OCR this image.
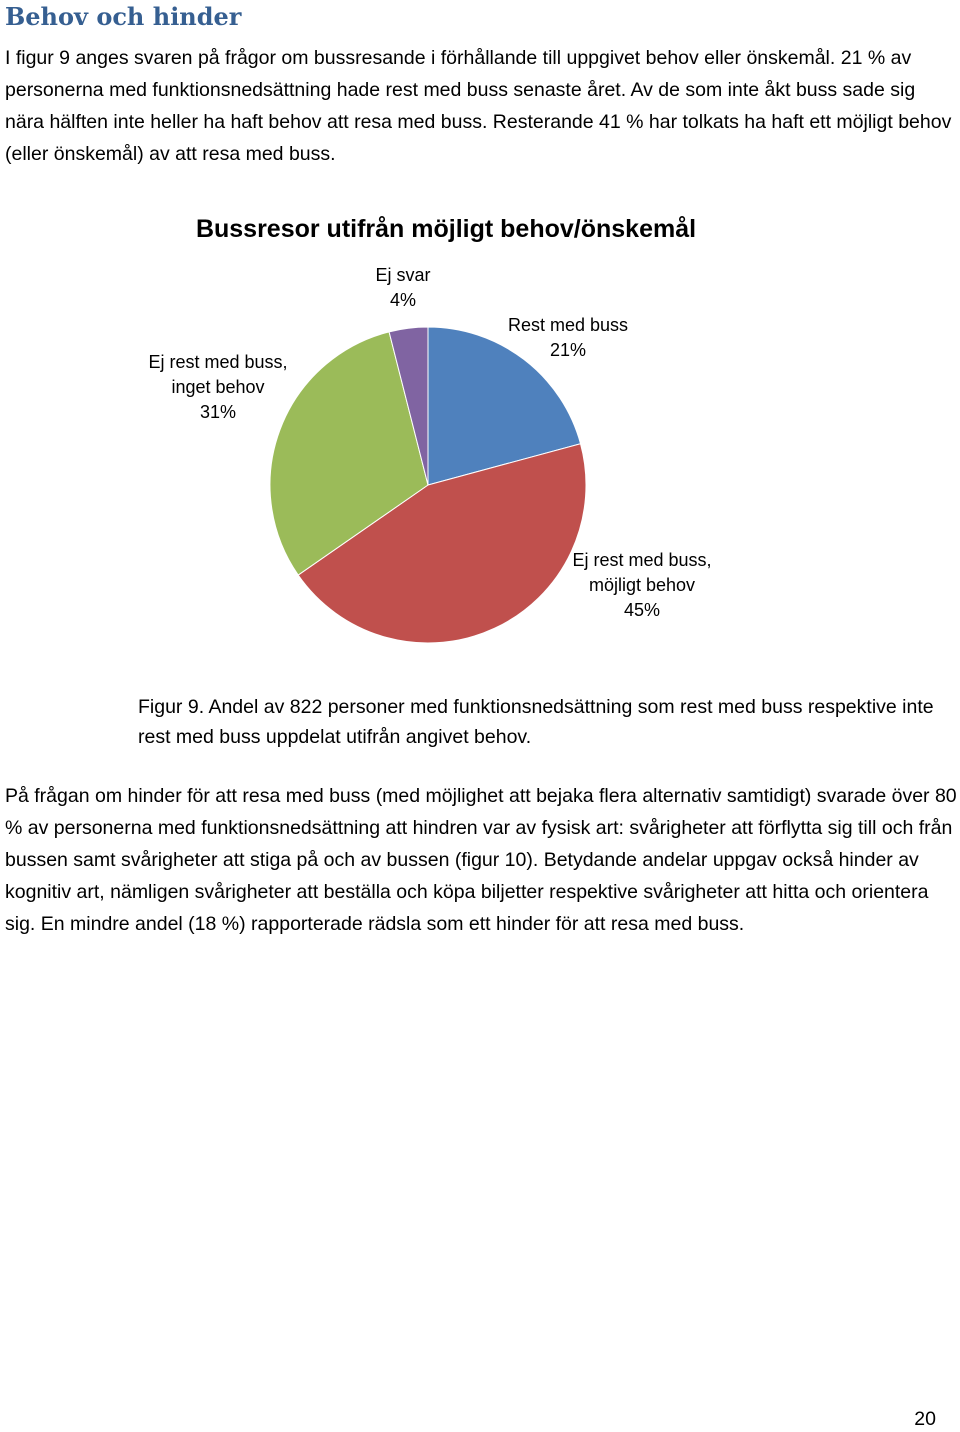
Behov och hinder

I figur 9 anges svaren på frågor om bussresande i förhållande till uppgivet behov eller önskemål. 21 % av personerna med funktionsnedsättning hade rest med buss senaste året. Av de som inte åkt buss sade sig nära hälften inte heller ha haft behov att resa med buss. Resterande 41 % har tolkats ha haft ett möjligt behov (eller önskemål) av att resa med buss.

Bussresor utifrån möjligt behov/önskemål
Rest med buss 21%
Ej rest med buss, möjligt behov 45%
Ej rest med buss, inget behov 31%
Ej svar 4%

Figur 9. Andel av 822 personer med funktionsnedsättning som rest med buss respektive inte rest med buss uppdelat utifrån angivet behov.

På frågan om hinder för att resa med buss (med möjlighet att bejaka flera alternativ samtidigt) svarade över 80 % av personerna med funktionsnedsättning att hindren var av fysisk art: svårigheter att förflytta sig till och från bussen samt svårigheter att stiga på och av bussen (figur 10). Betydande andelar uppgav också hinder av kognitiv art, nämligen svårigheter att beställa och köpa biljetter respektive svårigheter att hitta och orientera sig. En mindre andel (18 %) rapporterade rädsla som ett hinder för att resa med buss.

20
